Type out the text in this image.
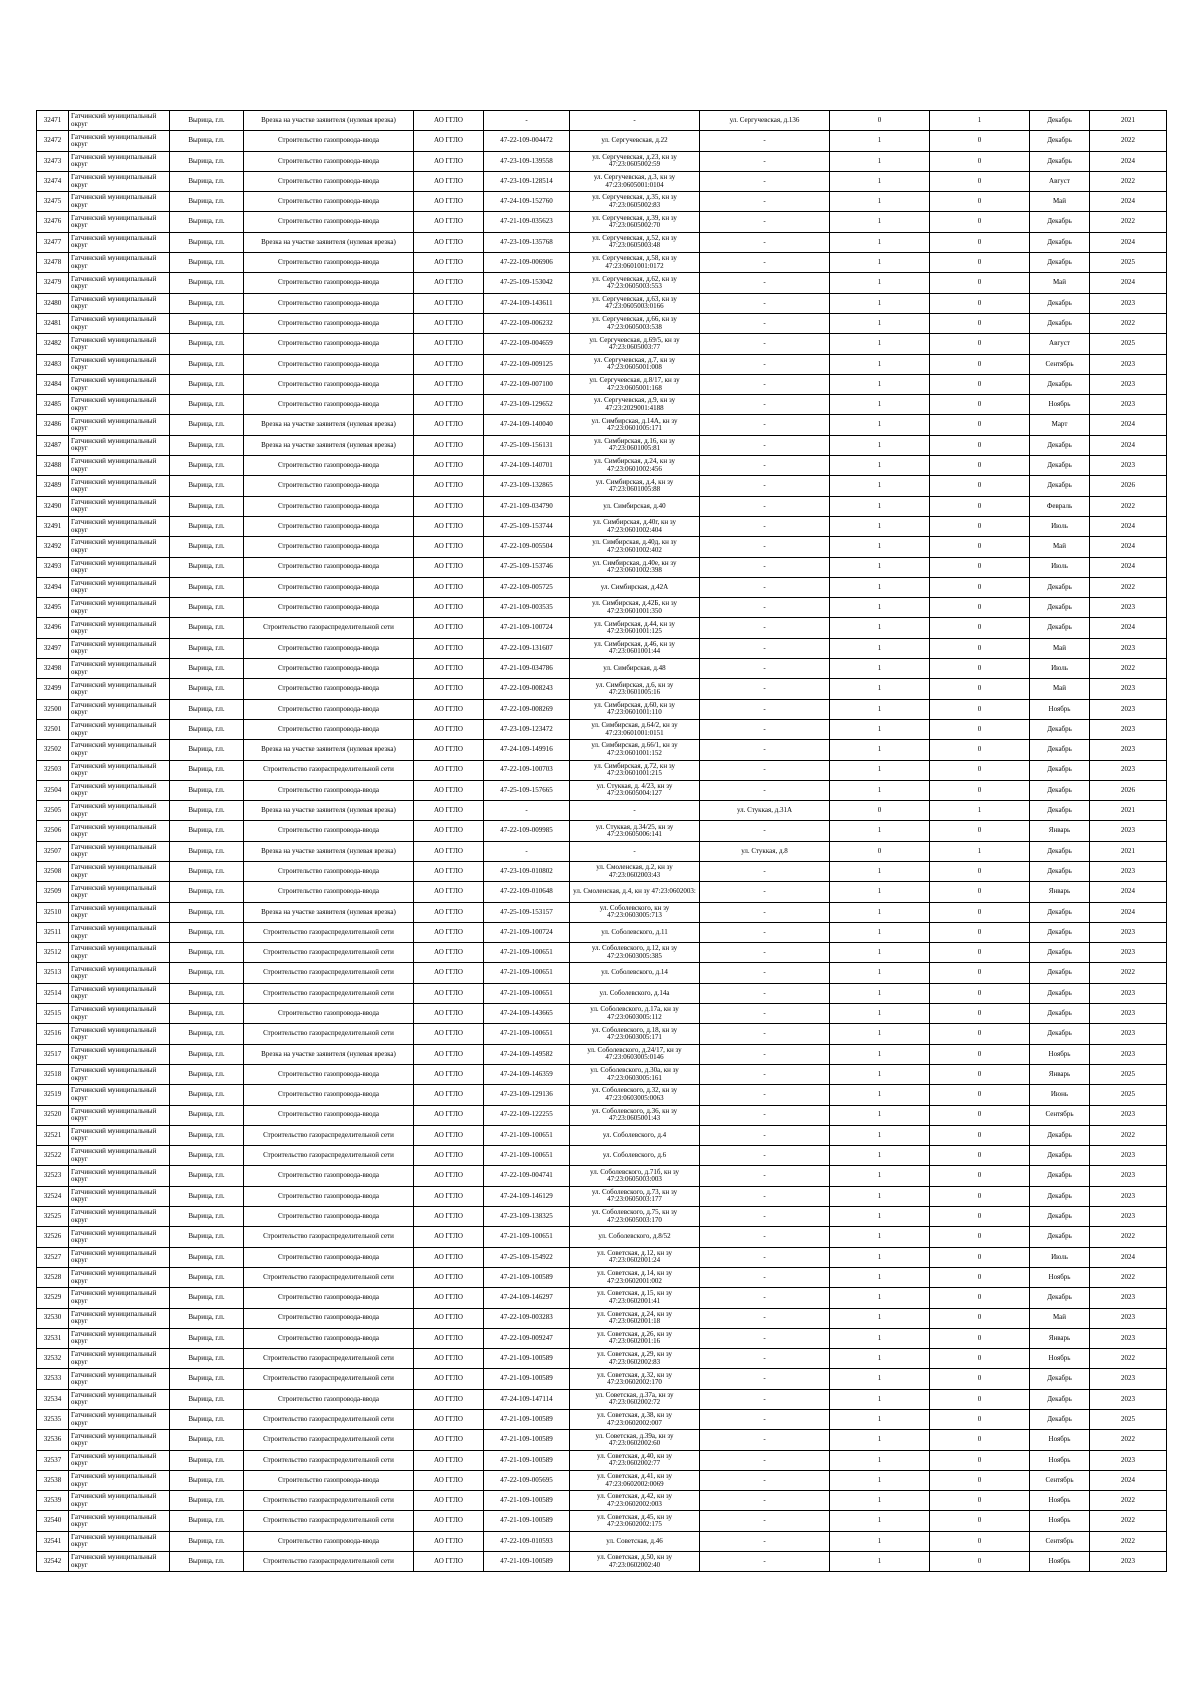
32471	Гатчинский муниципальный округ	Вырица, г.п.	Врезка на участке заявителя (нулевая врезка)	АО ГГЛО	-	-	ул. Сергучевская, д.136	0	1	Декабрь	2021
32472	Гатчинский муниципальный округ	Вырица, г.п.	Строительство газопровода-ввода	АО ГГЛО	47-22-109-004472	ул. Сергучевская, д.22	-	1	0	Декабрь	2022
32473	Гатчинский муниципальный округ	Вырица, г.п.	Строительство газопровода-ввода	АО ГГЛО	47-23-109-139558	ул. Сергучевская, д.23, кн зу 47:23:0605002:59	-	1	0	Декабрь	2024
32474	Гатчинский муниципальный округ	Вырица, г.п.	Строительство газопровода-ввода	АО ГГЛО	47-23-109-128514	ул. Сергучевская, д.3, кн зу 47:23:0605001:0104	-	1	0	Август	2022
32475	Гатчинский муниципальный округ	Вырица, г.п.	Строительство газопровода-ввода	АО ГГЛО	47-24-109-152760	ул. Сергучевская, д.35, кн зу 47:23:0605002:83	-	1	0	Май	2024
32476	Гатчинский муниципальный округ	Вырица, г.п.	Строительство газопровода-ввода	АО ГГЛО	47-21-109-035623	ул. Сергучевская, д.39, кн зу 47:23:0605002:70	-	1	0	Декабрь	2022
32477	Гатчинский муниципальный округ	Вырица, г.п.	Врезка на участке заявителя (нулевая врезка)	АО ГГЛО	47-23-109-135768	ул. Сергучевская, д.52, кн зу 47:23:0605003:48	-	1	0	Декабрь	2024
32478	Гатчинский муниципальный округ	Вырица, г.п.	Строительство газопровода-ввода	АО ГГЛО	47-22-109-006906	ул. Сергучевская, д.58, кн зу 47:23:0601001:0172	-	1	0	Декабрь	2025
32479	Гатчинский муниципальный округ	Вырица, г.п.	Строительство газопровода-ввода	АО ГГЛО	47-25-109-153042	ул. Сергучевская, д.62, кн зу 47:23:0605003:553	-	1	0	Май	2024
32480	Гатчинский муниципальный округ	Вырица, г.п.	Строительство газопровода-ввода	АО ГГЛО	47-24-109-143611	ул. Сергучевская, д.63, кн зу 47:23:0605003:0166	-	1	0	Декабрь	2023
32481	Гатчинский муниципальный округ	Вырица, г.п.	Строительство газопровода-ввода	АО ГГЛО	47-22-109-006232	ул. Сергучевская, д.66, кн зу 47:23:0605003:538	-	1	0	Декабрь	2022
32482	Гатчинский муниципальный округ	Вырица, г.п.	Строительство газопровода-ввода	АО ГГЛО	47-22-109-004659	ул. Сергучевская, д.69/5, кн зу 47:23:0605003:77	-	1	0	Август	2025
32483	Гатчинский муниципальный округ	Вырица, г.п.	Строительство газопровода-ввода	АО ГГЛО	47-22-109-009125	ул. Сергучевская, д.7, кн зу 47:23:0605001:008	-	1	0	Сентябрь	2023
32484	Гатчинский муниципальный округ	Вырица, г.п.	Строительство газопровода-ввода	АО ГГЛО	47-22-109-007100	ул. Сергучевская, д.8/17, кн зу 47:23:0605001:168	-	1	0	Декабрь	2023
32485	Гатчинский муниципальный округ	Вырица, г.п.	Строительство газопровода-ввода	АО ГГЛО	47-23-109-129652	ул. Сергучевская, д.9, кн зу 47:23:2029001:4188	-	1	0	Ноябрь	2023
32486	Гатчинский муниципальный округ	Вырица, г.п.	Врезка на участке заявителя (нулевая врезка)	АО ГГЛО	47-24-109-140040	ул. Симбирская, д.14А, кн зу 47:23:0601005:171	-	1	0	Март	2024
32487	Гатчинский муниципальный округ	Вырица, г.п.	Врезка на участке заявителя (нулевая врезка)	АО ГГЛО	47-25-109-156131	ул. Симбирская, д.16, кн зу 47:23:0601005:81	-	1	0	Декабрь	2024
32488	Гатчинский муниципальный округ	Вырица, г.п.	Строительство газопровода-ввода	АО ГГЛО	47-24-109-140701	ул. Симбирская, д.24, кн зу 47:23:0601002:456	-	1	0	Декабрь	2023
32489	Гатчинский муниципальный округ	Вырица, г.п.	Строительство газопровода-ввода	АО ГГЛО	47-23-109-132865	ул. Симбирская, д.4, кн зу 47:23:0601005:88	-	1	0	Декабрь	2026
32490	Гатчинский муниципальный округ	Вырица, г.п.	Строительство газопровода-ввода	АО ГГЛО	47-21-109-034790	ул. Симбирская, д.40	-	1	0	Февраль	2022
32491	Гатчинский муниципальный округ	Вырица, г.п.	Строительство газопровода-ввода	АО ГГЛО	47-25-109-153744	ул. Симбирская, д.40г, кн зу 47:23:0601002:404	-	1	0	Июль	2024
32492	Гатчинский муниципальный округ	Вырица, г.п.	Строительство газопровода-ввода	АО ГГЛО	47-22-109-005504	ул. Симбирская, д.40д, кн зу 47:23:0601002:402	-	1	0	Май	2024
32493	Гатчинский муниципальный округ	Вырица, г.п.	Строительство газопровода-ввода	АО ГГЛО	47-25-109-153746	ул. Симбирская, д.40е, кн зу 47:23:0601002:398	-	1	0	Июль	2024
32494	Гатчинский муниципальный округ	Вырица, г.п.	Строительство газопровода-ввода	АО ГГЛО	47-22-109-005725	ул. Симбирская, д.42А	-	1	0	Декабрь	2022
32495	Гатчинский муниципальный округ	Вырица, г.п.	Строительство газопровода-ввода	АО ГГЛО	47-21-109-003535	ул. Симбирская, д.42Б, кн зу 47:23:0601001:350	-	1	0	Декабрь	2023
32496	Гатчинский муниципальный округ	Вырица, г.п.	Строительство газораспределительной сети	АО ГГЛО	47-21-109-100724	ул. Симбирская, д.44, кн зу 47:23:0601001:125	-	1	0	Декабрь	2024
32497	Гатчинский муниципальный округ	Вырица, г.п.	Строительство газопровода-ввода	АО ГГЛО	47-22-109-131607	ул. Симбирская, д.46, кн зу 47:23:0601001:44	-	1	0	Май	2023
32498	Гатчинский муниципальный округ	Вырица, г.п.	Строительство газопровода-ввода	АО ГГЛО	47-21-109-034786	ул. Симбирская, д.48	-	1	0	Июль	2022
32499	Гатчинский муниципальный округ	Вырица, г.п.	Строительство газопровода-ввода	АО ГГЛО	47-22-109-008243	ул. Симбирская, д.6, кн зу 47:23:0601005:16	-	1	0	Май	2023
32500	Гатчинский муниципальный округ	Вырица, г.п.	Строительство газопровода-ввода	АО ГГЛО	47-22-109-008269	ул. Симбирская, д.60, кн зу 47:23:0601001:110	-	1	0	Ноябрь	2023
32501	Гатчинский муниципальный округ	Вырица, г.п.	Строительство газопровода-ввода	АО ГГЛО	47-23-109-123472	ул. Симбирская, д.64/2, кн зу 47:23:0601001:0151	-	1	0	Декабрь	2023
32502	Гатчинский муниципальный округ	Вырица, г.п.	Врезка на участке заявителя (нулевая врезка)	АО ГГЛО	47-24-109-149916	ул. Симбирская, д.66/1, кн зу 47:23:0601001:152	-	1	0	Декабрь	2023
32503	Гатчинский муниципальный округ	Вырица, г.п.	Строительство газораспределительной сети	АО ГГЛО	47-22-109-100703	ул. Симбирская, д.72, кн зу 47:23:0601001:215	-	1	0	Декабрь	2023
32504	Гатчинский муниципальный округ	Вырица, г.п.	Строительство газопровода-ввода	АО ГГЛО	47-25-109-157665	ул. Стуккая, д. 4/23, кн зу 47:23:0605004:127	-	1	0	Декабрь	2026
32505	Гатчинский муниципальный округ	Вырица, г.п.	Врезка на участке заявителя (нулевая врезка)	АО ГГЛО	-	-	ул. Стуккая, д.31А	0	1	Декабрь	2021
32506	Гатчинский муниципальный округ	Вырица, г.п.	Строительство газопровода-ввода	АО ГГЛО	47-22-109-009985	ул. Стуккая, д.34/25, кн зу 47:23:0605006:141	-	1	0	Январь	2023
32507	Гатчинский муниципальный округ	Вырица, г.п.	Врезка на участке заявителя (нулевая врезка)	АО ГГЛО	-	-	ул. Стуккая, д.8	0	1	Декабрь	2021
32508	Гатчинский муниципальный округ	Вырица, г.п.	Строительство газопровода-ввода	АО ГГЛО	47-23-109-010802	ул. Смоленская, д.2, кн зу 47:23:0602003:43	-	1	0	Декабрь	2023
32509	Гатчинский муниципальный округ	Вырица, г.п.	Строительство газопровода-ввода	АО ГГЛО	47-22-109-010648	ул. Смоленская, д.4, кн зу 47:23:0602003:	-	1	0	Январь	2024
32510	Гатчинский муниципальный округ	Вырица, г.п.	Врезка на участке заявителя (нулевая врезка)	АО ГГЛО	47-25-109-153157	ул. Соболевского, кн зу 47:23:0603005:713	-	1	0	Декабрь	2024
32511	Гатчинский муниципальный округ	Вырица, г.п.	Строительство газораспределительной сети	АО ГГЛО	47-21-109-100724	ул. Соболевского, д.11	-	1	0	Декабрь	2023
32512	Гатчинский муниципальный округ	Вырица, г.п.	Строительство газораспределительной сети	АО ГГЛО	47-21-109-100651	ул. Соболевского, д.12, кн зу 47:23:0603005:385	-	1	0	Декабрь	2023
32513	Гатчинский муниципальный округ	Вырица, г.п.	Строительство газораспределительной сети	АО ГГЛО	47-21-109-100651	ул. Соболевского, д.14	-	1	0	Декабрь	2022
32514	Гатчинский муниципальный округ	Вырица, г.п.	Строительство газораспределительной сети	АО ГГЛО	47-21-109-100651	ул. Соболевского, д.14а	-	1	0	Декабрь	2023
32515	Гатчинский муниципальный округ	Вырица, г.п.	Строительство газопровода-ввода	АО ГГЛО	47-24-109-143665	ул. Соболевского, д.17а, кн зу 47:23:0603005:112	-	1	0	Декабрь	2023
32516	Гатчинский муниципальный округ	Вырица, г.п.	Строительство газораспределительной сети	АО ГГЛО	47-21-109-100651	ул. Соболевского, д.18, кн зу 47:23:0603005:171	-	1	0	Декабрь	2023
32517	Гатчинский муниципальный округ	Вырица, г.п.	Врезка на участке заявителя (нулевая врезка)	АО ГГЛО	47-24-109-149582	ул. Соболевского, д.24/17, кн зу 47:23:0603005:0146	-	1	0	Ноябрь	2023
32518	Гатчинский муниципальный округ	Вырица, г.п.	Строительство газопровода-ввода	АО ГГЛО	47-24-109-146359	ул. Соболевского, д.30а, кн зу 47:23:0603005:161	-	1	0	Январь	2025
32519	Гатчинский муниципальный округ	Вырица, г.п.	Строительство газопровода-ввода	АО ГГЛО	47-23-109-129136	ул. Соболевского, д.32, кн зу 47:23:0603005:0063	-	1	0	Июнь	2025
32520	Гатчинский муниципальный округ	Вырица, г.п.	Строительство газопровода-ввода	АО ГГЛО	47-22-109-122255	ул. Соболевского, д.36, кн зу 47:23:0605001:43	-	1	0	Сентябрь	2023
32521	Гатчинский муниципальный округ	Вырица, г.п.	Строительство газораспределительной сети	АО ГГЛО	47-21-109-100651	ул. Соболевского, д.4	-	1	0	Декабрь	2022
32522	Гатчинский муниципальный округ	Вырица, г.п.	Строительство газораспределительной сети	АО ГГЛО	47-21-109-100651	ул. Соболевского, д.6	-	1	0	Декабрь	2023
32523	Гатчинский муниципальный округ	Вырица, г.п.	Строительство газопровода-ввода	АО ГГЛО	47-22-109-004741	ул. Соболевского, д.71б, кн зу 47:23:0605003:003	-	1	0	Декабрь	2023
32524	Гатчинский муниципальный округ	Вырица, г.п.	Строительство газопровода-ввода	АО ГГЛО	47-24-109-146129	ул. Соболевского, д.73, кн зу 47:23:0605003:177	-	1	0	Декабрь	2023
32525	Гатчинский муниципальный округ	Вырица, г.п.	Строительство газопровода-ввода	АО ГГЛО	47-23-109-138325	ул. Соболевского, д.75, кн зу 47:23:0605003:170	-	1	0	Декабрь	2023
32526	Гатчинский муниципальный округ	Вырица, г.п.	Строительство газораспределительной сети	АО ГГЛО	47-21-109-100651	ул. Соболевского, д.8/52	-	1	0	Декабрь	2022
32527	Гатчинский муниципальный округ	Вырица, г.п.	Строительство газопровода-ввода	АО ГГЛО	47-25-109-154922	ул. Советская, д.12, кн зу 47:23:0602001:24	-	1	0	Июль	2024
32528	Гатчинский муниципальный округ	Вырица, г.п.	Строительство газораспределительной сети	АО ГГЛО	47-21-109-100589	ул. Советская, д.14, кн зу 47:23:0602001:002	-	1	0	Ноябрь	2022
32529	Гатчинский муниципальный округ	Вырица, г.п.	Строительство газопровода-ввода	АО ГГЛО	47-24-109-146297	ул. Советская, д.15, кн зу 47:23:0602001:41	-	1	0	Декабрь	2023
32530	Гатчинский муниципальный округ	Вырица, г.п.	Строительство газопровода-ввода	АО ГГЛО	47-22-109-003283	ул. Советская, д.24, кн зу 47:23:0602001:18	-	1	0	Май	2023
32531	Гатчинский муниципальный округ	Вырица, г.п.	Строительство газопровода-ввода	АО ГГЛО	47-22-109-009247	ул. Советская, д.26, кн зу 47:23:0602001:16	-	1	0	Январь	2023
32532	Гатчинский муниципальный округ	Вырица, г.п.	Строительство газораспределительной сети	АО ГГЛО	47-21-109-100589	ул. Советская, д.29, кн зу 47:23:0602002:83	-	1	0	Ноябрь	2022
32533	Гатчинский муниципальный округ	Вырица, г.п.	Строительство газораспределительной сети	АО ГГЛО	47-21-109-100589	ул. Советская, д.32, кн зу 47:23:0602002:170	-	1	0	Декабрь	2023
32534	Гатчинский муниципальный округ	Вырица, г.п.	Строительство газопровода-ввода	АО ГГЛО	47-24-109-147114	ул. Советская, д.37а, кн зу 47:23:0602002:72	-	1	0	Декабрь	2023
32535	Гатчинский муниципальный округ	Вырица, г.п.	Строительство газораспределительной сети	АО ГГЛО	47-21-109-100589	ул. Советская, д.38, кн зу 47:23:0602002:007	-	1	0	Декабрь	2025
32536	Гатчинский муниципальный округ	Вырица, г.п.	Строительство газораспределительной сети	АО ГГЛО	47-21-109-100589	ул. Советская, д.39а, кн зу 47:23:0602002:60	-	1	0	Ноябрь	2022
32537	Гатчинский муниципальный округ	Вырица, г.п.	Строительство газораспределительной сети	АО ГГЛО	47-21-109-100589	ул. Советская, д.40, кн зу 47:23:0602002:77	-	1	0	Ноябрь	2023
32538	Гатчинский муниципальный округ	Вырица, г.п.	Строительство газопровода-ввода	АО ГГЛО	47-22-109-005695	ул. Советская, д.41, кн зу 47:23:0602002:0069	-	1	0	Сентябрь	2024
32539	Гатчинский муниципальный округ	Вырица, г.п.	Строительство газораспределительной сети	АО ГГЛО	47-21-109-100589	ул. Советская, д.42, кн зу 47:23:0602002:003	-	1	0	Ноябрь	2022
32540	Гатчинский муниципальный округ	Вырица, г.п.	Строительство газораспределительной сети	АО ГГЛО	47-21-109-100589	ул. Советская, д.45, кн зу 47:23:0602002:175	-	1	0	Ноябрь	2022
32541	Гатчинский муниципальный округ	Вырица, г.п.	Строительство газопровода-ввода	АО ГГЛО	47-22-109-010593	ул. Советская, д.46	-	1	0	Сентябрь	2022
32542	Гатчинский муниципальный округ	Вырица, г.п.	Строительство газораспределительной сети	АО ГГЛО	47-21-109-100589	ул. Советская, д.50, кн зу 47:23:0602002:40	-	1	0	Ноябрь	2023
